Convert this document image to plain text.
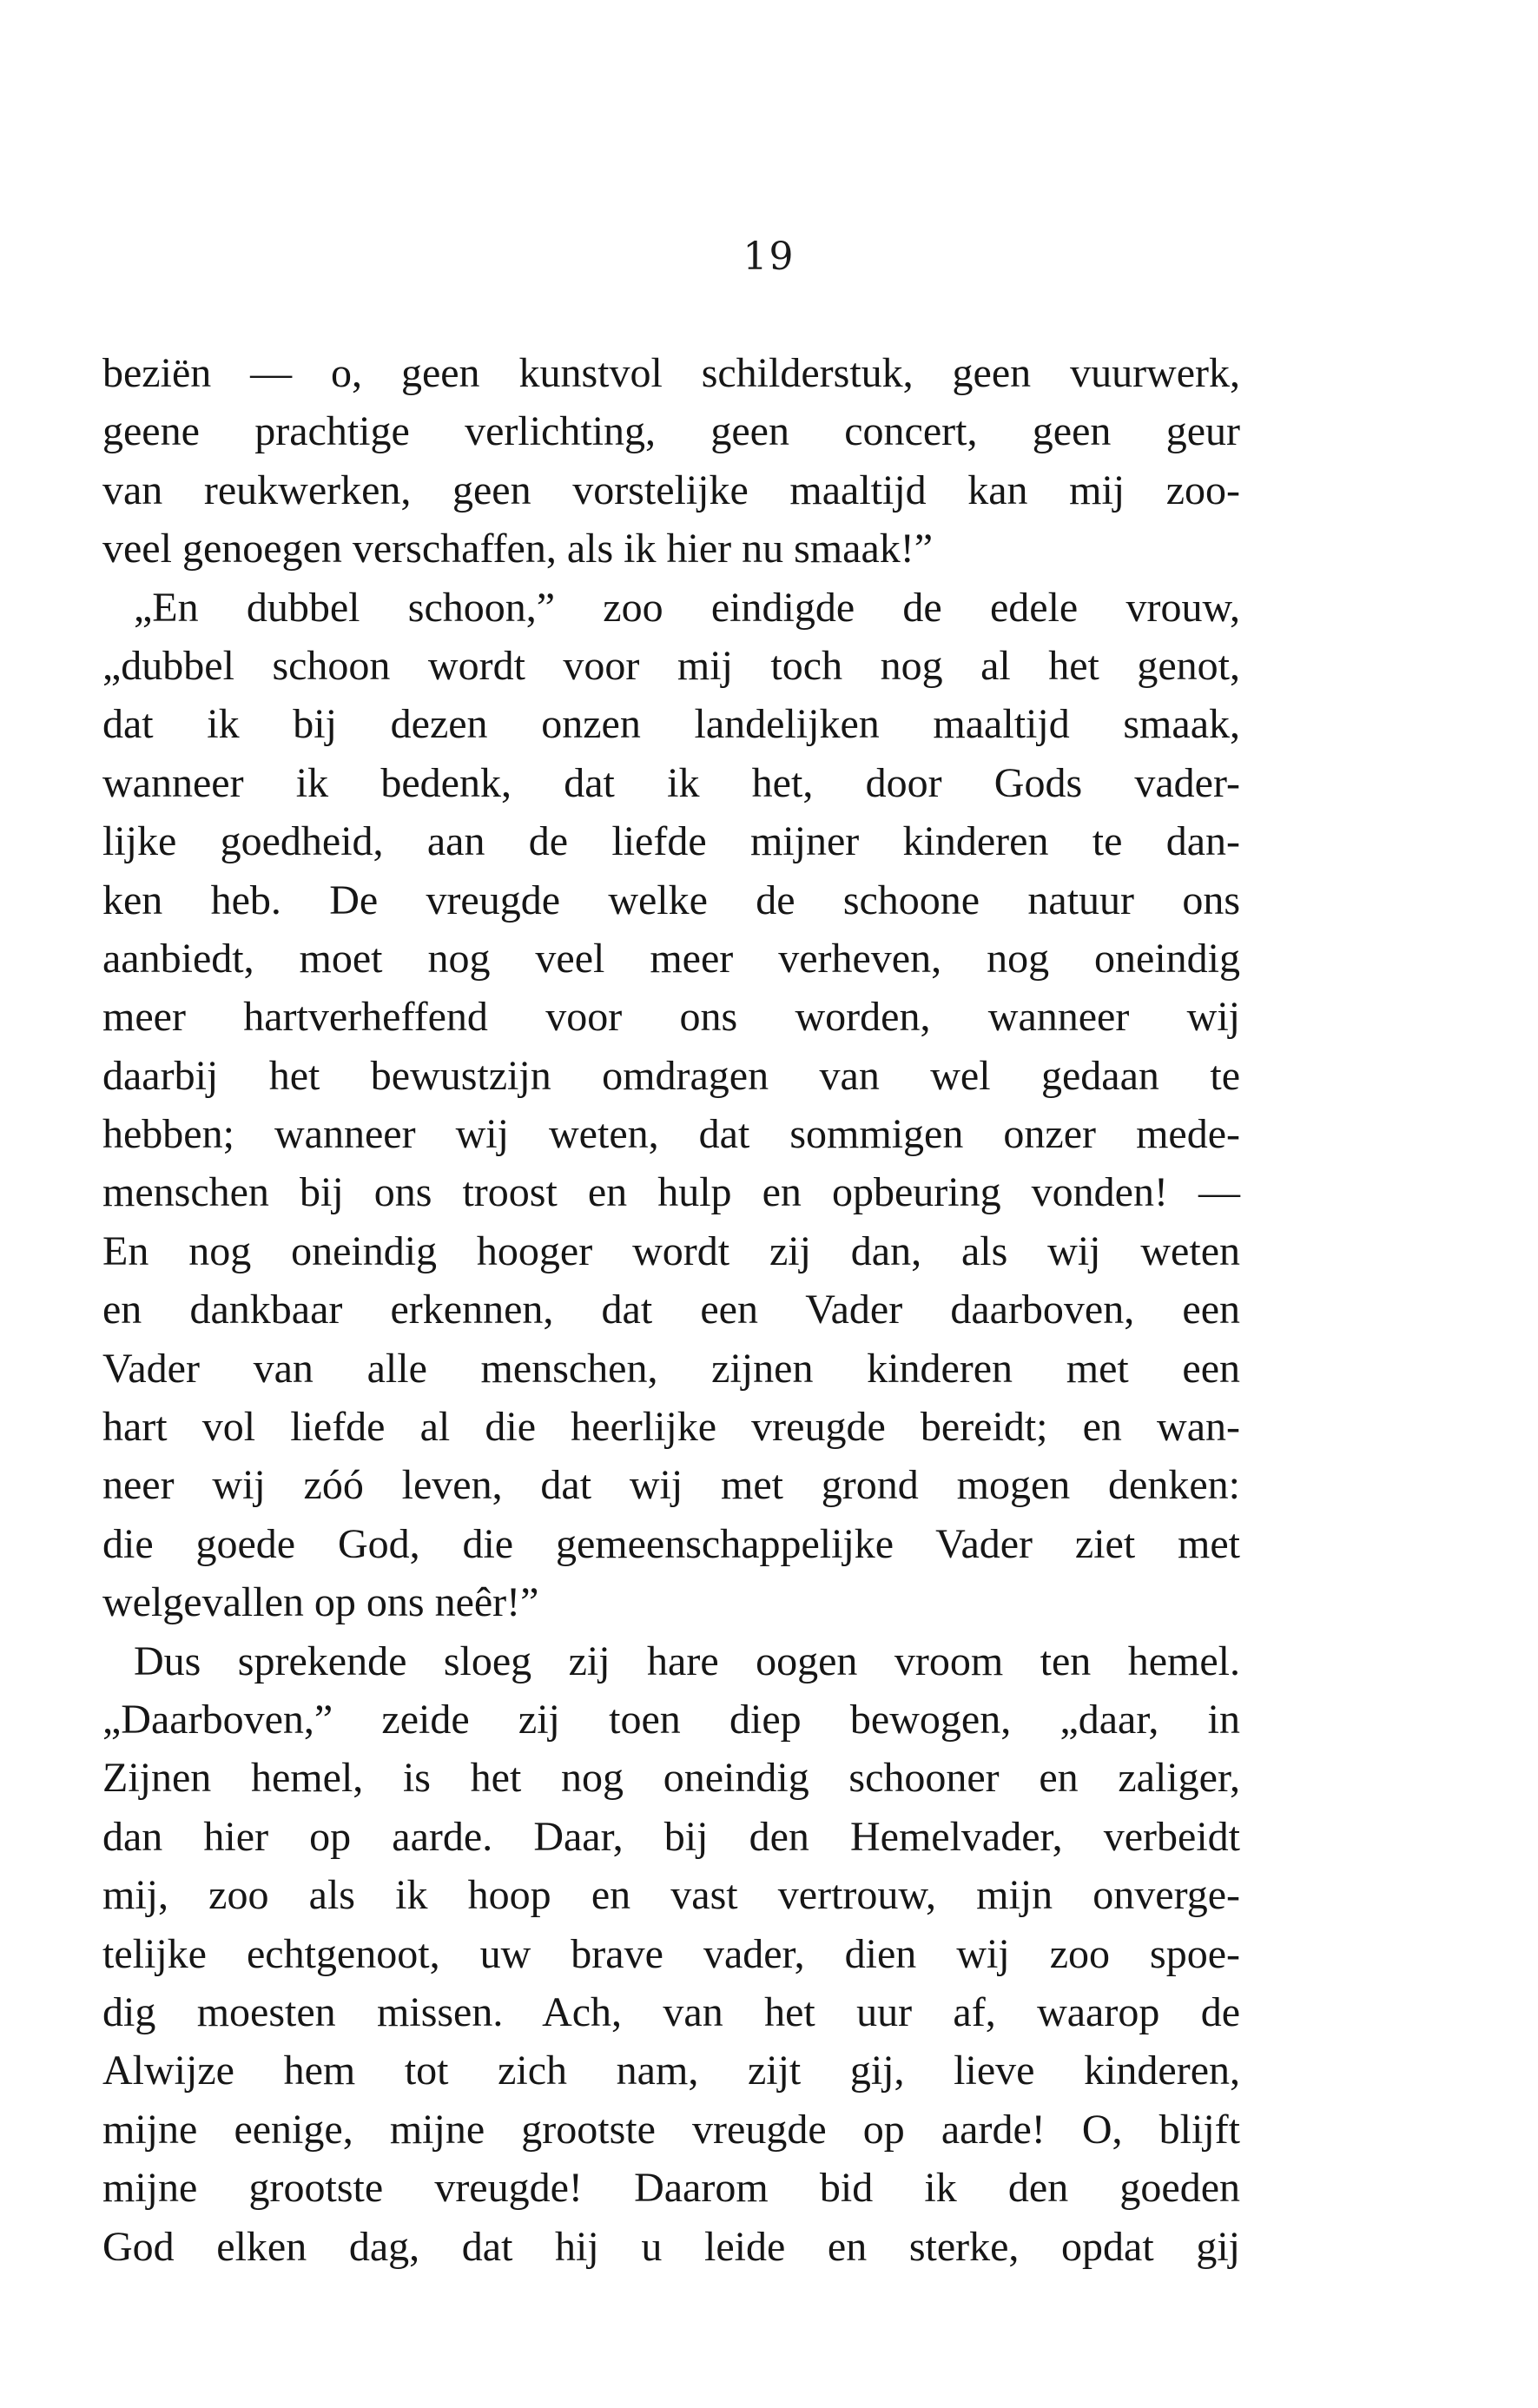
19
beziën — o, geen kunstvol schilderstuk, geen vuurwerk,
geene prachtige verlichting, geen concert, geen geur
van reukwerken, geen vorstelijke maaltijd kan mij zoo-
veel genoegen verschaffen, als ik hier nu smaak!”
„En dubbel schoon,” zoo eindigde de edele vrouw,
„dubbel schoon wordt voor mij toch nog al het genot,
dat ik bij dezen onzen landelijken maaltijd smaak,
wanneer ik bedenk, dat ik het, door Gods vader-
lijke goedheid, aan de liefde mijner kinderen te dan-
ken heb. De vreugde welke de schoone natuur ons
aanbiedt, moet nog veel meer verheven, nog oneindig
meer hartverheffend voor ons worden, wanneer wij
daarbij het bewustzijn omdragen van wel gedaan te
hebben; wanneer wij weten, dat sommigen onzer mede-
menschen bij ons troost en hulp en opbeuring vonden! —
En nog oneindig hooger wordt zij dan, als wij weten
en dankbaar erkennen, dat een Vader daarboven, een
Vader van alle menschen, zijnen kinderen met een
hart vol liefde al die heerlijke vreugde bereidt; en wan-
neer wij zóó leven, dat wij met grond mogen denken:
die goede God, die gemeenschappelijke Vader ziet met
welgevallen op ons neêr!”
Dus sprekende sloeg zij hare oogen vroom ten hemel.
„Daarboven,” zeide zij toen diep bewogen, „daar, in
Zijnen hemel, is het nog oneindig schooner en zaliger,
dan hier op aarde. Daar, bij den Hemelvader, verbeidt
mij, zoo als ik hoop en vast vertrouw, mijn onverge-
telijke echtgenoot, uw brave vader, dien wij zoo spoe-
dig moesten missen. Ach, van het uur af, waarop de
Alwijze hem tot zich nam, zijt gij, lieve kinderen,
mijne eenige, mijne grootste vreugde op aarde! O, blijft
mijne grootste vreugde! Daarom bid ik den goeden
God elken dag, dat hij u leide en sterke, opdat gij
